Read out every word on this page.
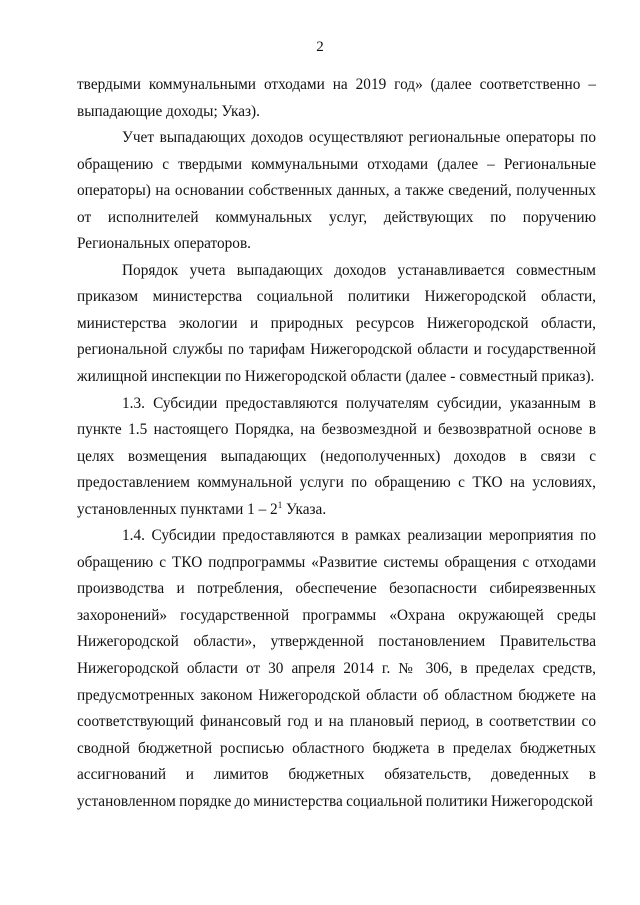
2

твердыми коммунальными отходами на 2019 год» (далее соответственно – выпадающие доходы; Указ).

Учет выпадающих доходов осуществляют региональные операторы по обращению с твердыми коммунальными отходами (далее – Региональные операторы) на основании собственных данных, а также сведений, полученных от исполнителей коммунальных услуг, действующих по поручению Региональных операторов.

Порядок учета выпадающих доходов устанавливается совместным приказом министерства социальной политики Нижегородской области, министерства экологии и природных ресурсов Нижегородской области, региональной службы по тарифам Нижегородской области и государственной жилищной инспекции по Нижегородской области (далее - совместный приказ).

1.3. Субсидии предоставляются получателям субсидии, указанным в пункте 1.5 настоящего Порядка, на безвозмездной и безвозвратной основе в целях возмещения выпадающих (недополученных) доходов в связи с предоставлением коммунальной услуги по обращению с ТКО на условиях, установленных пунктами $1 - 2^1$ Указа.

1.4. Субсидии предоставляются в рамках реализации мероприятия по обращению с ТКО подпрограммы «Развитие системы обращения с отходами производства и потребления, обеспечение безопасности сибиреязвенных захоронений» государственной программы «Охрана окружающей среды Нижегородской области», утвержденной постановлением Правительства Нижегородской области от 30 апреля 2014 г. № 306, в пределах средств, предусмотренных законом Нижегородской области об областном бюджете на соответствующий финансовый год и на плановый период, в соответствии со сводной бюджетной росписью областного бюджета в пределах бюджетных ассигнований и лимитов бюджетных обязательств, доведенных в установленном порядке до министерства социальной политики Нижегородской
